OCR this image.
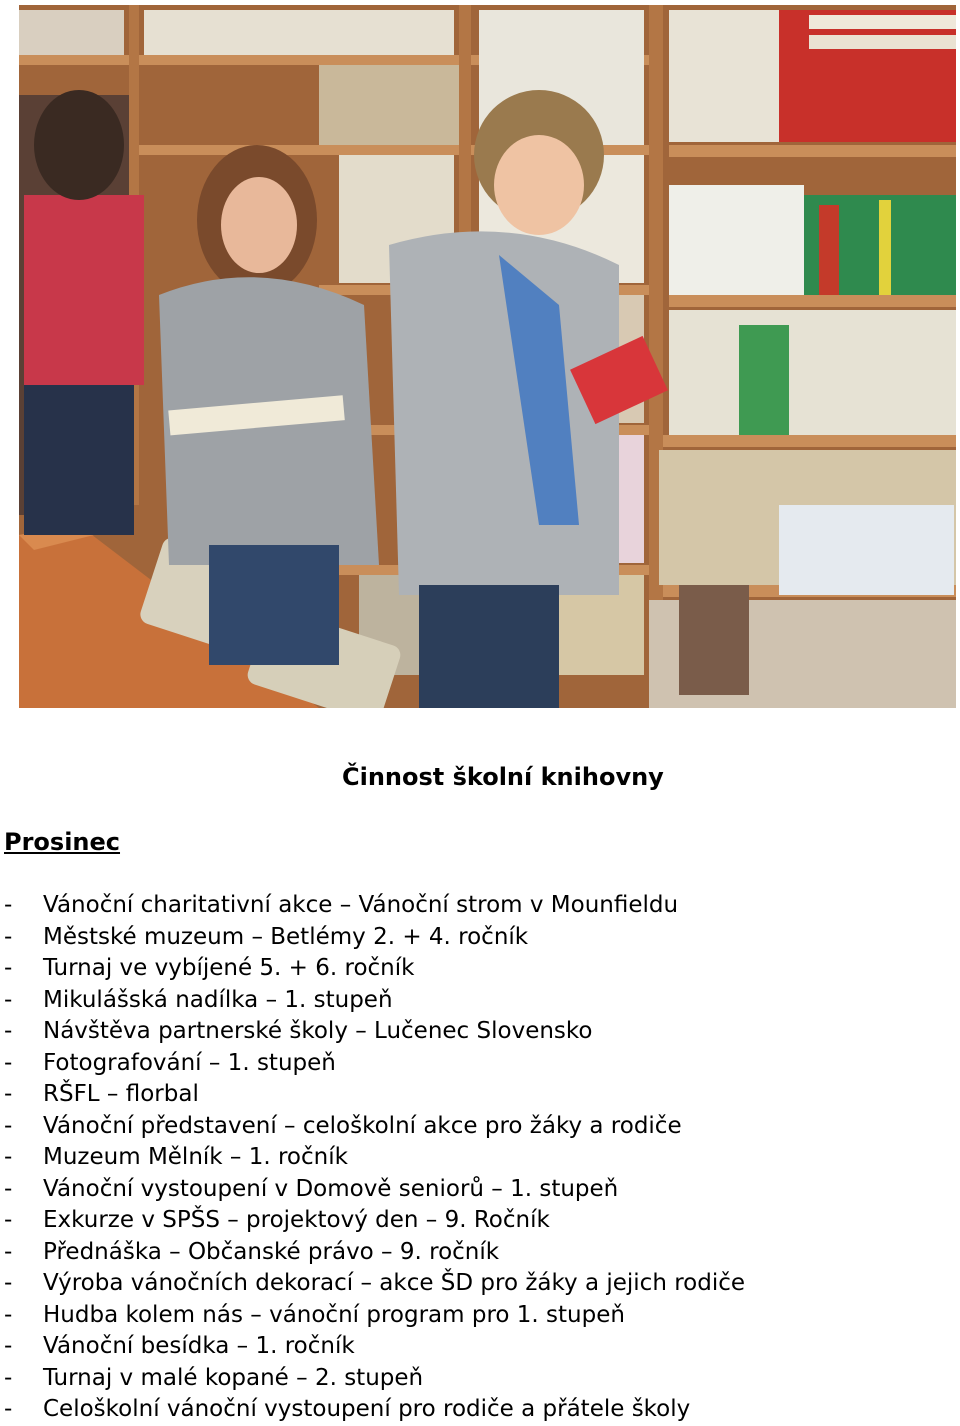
Činnost školní knihovny
Prosinec
-	Vánoční charitativní akce – Vánoční strom v Mounfieldu
-	Městské muzeum – Betlémy 2. + 4. ročník
-	Turnaj ve vybíjené 5. + 6. ročník
-	Mikulášská nadílka – 1. stupeň
-	Návštěva partnerské školy – Lučenec Slovensko
-	Fotografování – 1. stupeň
-	RŠFL – florbal
-	Vánoční představení – celoškolní akce pro žáky a rodiče
-	Muzeum Mělník – 1. ročník
-	Vánoční vystoupení v Domově seniorů – 1. stupeň
-	Exkurze v SPŠS – projektový den – 9. Ročník
-	Přednáška – Občanské právo – 9. ročník
-	Výroba vánočních dekorací – akce ŠD pro žáky a jejich rodiče
-	Hudba kolem nás – vánoční program pro 1. stupeň
-	Vánoční besídka – 1. ročník
-	Turnaj v malé kopané – 2. stupeň
-	Celoškolní vánoční vystoupení pro rodiče a přátele školy
